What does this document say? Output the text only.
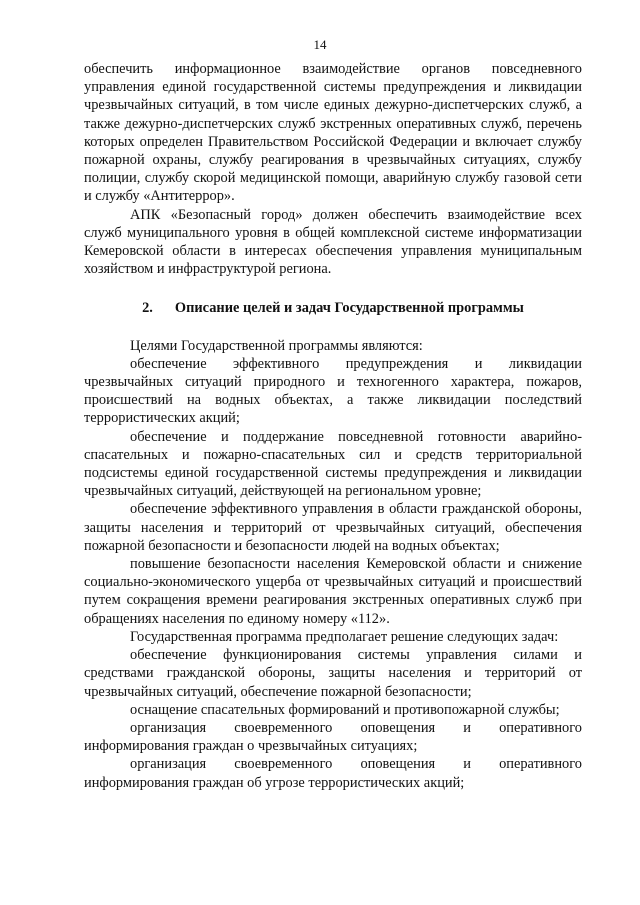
14

обеспечить информационное взаимодействие органов повседневного управления единой государственной системы предупреждения и ликвидации чрезвычайных ситуаций, в том числе единых дежурно-диспетчерских служб, а также дежурно-диспетчерских служб экстренных оперативных служб, перечень которых определен Правительством Российской Федерации и включает службу пожарной охраны, службу реагирования в чрезвычайных ситуациях, службу полиции, службу скорой медицинской помощи, аварийную службу газовой сети и службу «Антитеррор».

АПК «Безопасный город» должен обеспечить взаимодействие всех служб муниципального уровня в общей комплексной системе информатизации Кемеровской области в интересах обеспечения управления муниципальным хозяйством и инфраструктурой региона.

2. Описание целей и задач Государственной программы

Целями Государственной программы являются:

обеспечение эффективного предупреждения и ликвидации чрезвычайных ситуаций природного и техногенного характера, пожаров, происшествий на водных объектах, а также ликвидации последствий террористических акций;

обеспечение и поддержание повседневной готовности аварийно-спасательных и пожарно-спасательных сил и средств территориальной подсистемы единой государственной системы предупреждения и ликвидации чрезвычайных ситуаций, действующей на региональном уровне;

обеспечение эффективного управления в области гражданской обороны, защиты населения и территорий от чрезвычайных ситуаций, обеспечения пожарной безопасности и безопасности людей на водных объектах;

повышение безопасности населения Кемеровской области и снижение социально-экономического ущерба от чрезвычайных ситуаций и происшествий путем сокращения времени реагирования экстренных оперативных служб при обращениях населения по единому номеру «112».

Государственная программа предполагает решение следующих задач:

обеспечение функционирования системы управления силами и средствами гражданской обороны, защиты населения и территорий от чрезвычайных ситуаций, обеспечение пожарной безопасности;

оснащение спасательных формирований и противопожарной службы;

организация своевременного оповещения и оперативного информирования граждан о чрезвычайных ситуациях;

организация своевременного оповещения и оперативного информирования граждан об угрозе террористических акций;
